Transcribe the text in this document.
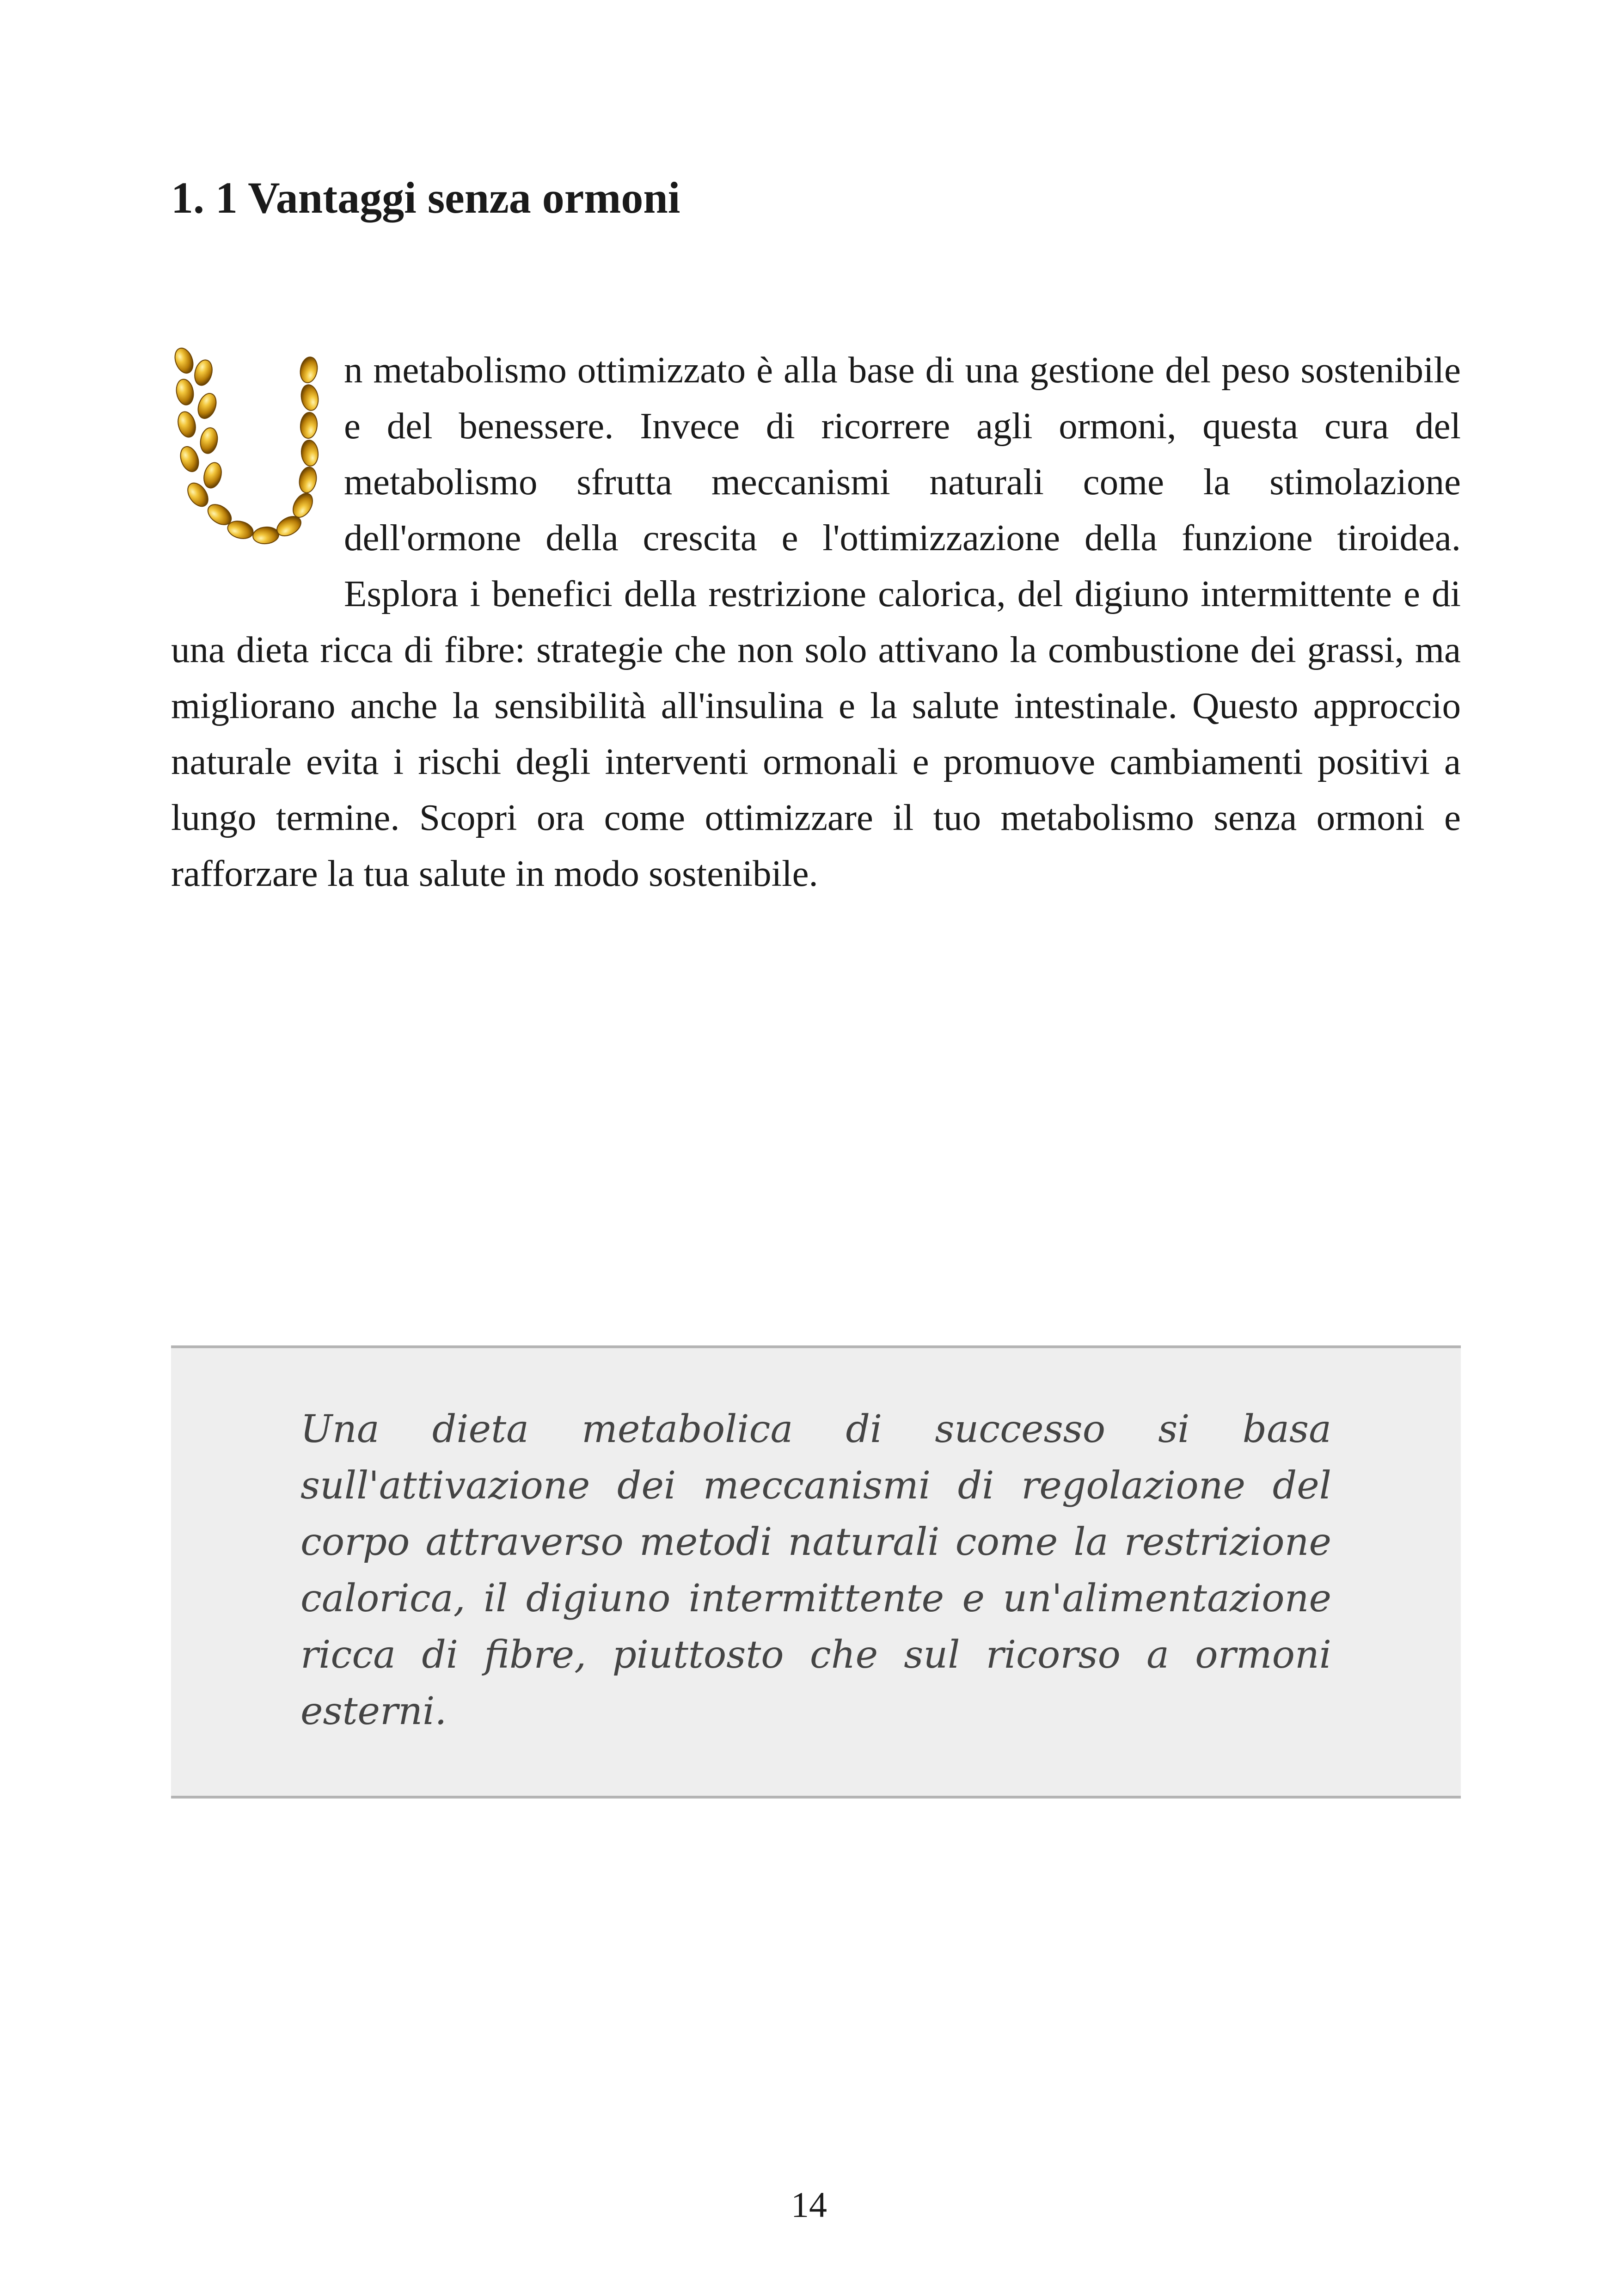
1. 1 Vantaggi senza ormoni

n metabolismo ottimizzato è alla base di una gestione del peso sostenibile e del benessere. Invece di ricorrere agli ormoni, questa cura del metabolismo sfrutta meccanismi naturali come la stimolazione dell'ormone della crescita e l'ottimizzazione della funzione tiroidea. Esplora i benefici della restrizione calorica, del digiuno intermittente e di una dieta ricca di fibre: strategie che non solo attivano la combustione dei grassi, ma migliorano anche la sensibilità all'insulina e la salute intestinale. Questo approccio naturale evita i rischi degli interventi ormonali e promuove cambiamenti positivi a lungo termine. Scopri ora come ottimizzare il tuo metabolismo senza ormoni e rafforzare la tua salute in modo sostenibile.

Una dieta metabolica di successo si basa sull'attivazione dei meccanismi di regolazione del corpo attraverso metodi naturali come la restrizione calorica, il digiuno intermittente e un'alimentazione ricca di fibre, piuttosto che sul ricorso a ormoni esterni.

14
